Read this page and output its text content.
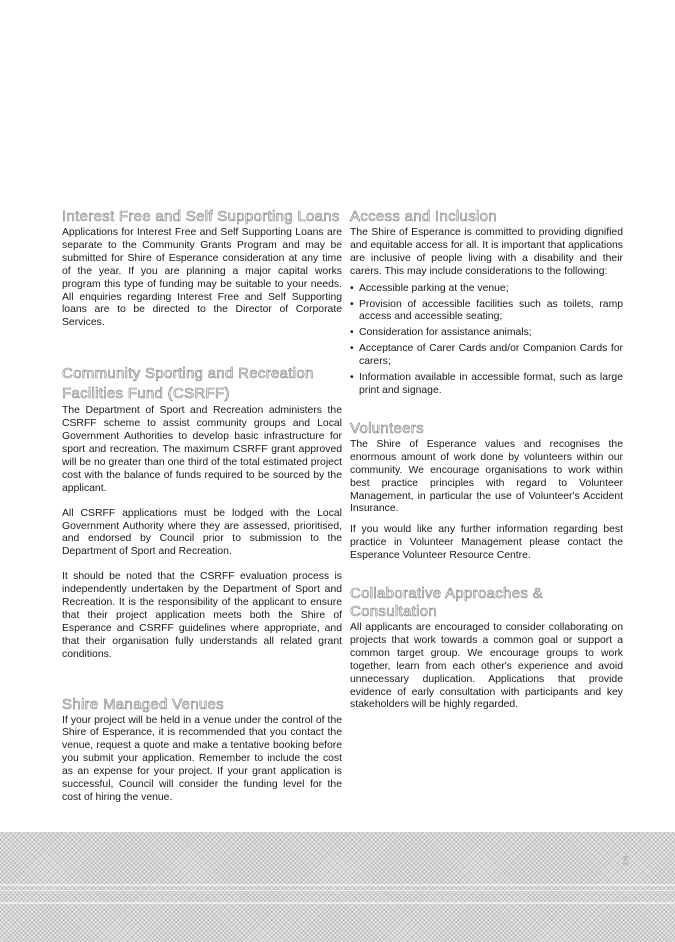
Interest Free and Self Supporting Loans

Applications for Interest Free and Self Supporting Loans are separate to the Community Grants Program and may be submitted for Shire of Esperance consideration at any time of the year. If you are planning a major capital works program this type of funding may be suitable to your needs. All enquiries regarding Interest Free and Self Supporting loans are to be directed to the Director of Corporate Services.

Community Sporting and Recreation Facilities Fund (CSRFF)

The Department of Sport and Recreation administers the CSRFF scheme to assist community groups and Local Government Authorities to develop basic infrastructure for sport and recreation. The maximum CSRFF grant approved will be no greater than one third of the total estimated project cost with the balance of funds required to be sourced by the applicant.

All CSRFF applications must be lodged with the Local Government Authority where they are assessed, prioritised, and endorsed by Council prior to submission to the Department of Sport and Recreation.

It should be noted that the CSRFF evaluation process is independently undertaken by the Department of Sport and Recreation. It is the responsibility of the applicant to ensure that their project application meets both the Shire of Esperance and CSRFF guidelines where appropriate, and that their organisation fully understands all related grant conditions.

Shire Managed Venues

If your project will be held in a venue under the control of the Shire of Esperance, it is recommended that you contact the venue, request a quote and make a tentative booking before you submit your application. Remember to include the cost as an expense for your project. If your grant application is successful, Council will consider the funding level for the cost of hiring the venue.

Access and Inclusion

The Shire of Esperance is committed to providing dignified and equitable access for all. It is important that applications are inclusive of people living with a disability and their carers. This may include considerations to the following:

• Accessible parking at the venue;
• Provision of accessible facilities such as toilets, ramp access and accessible seating;
• Consideration for assistance animals;
• Acceptance of Carer Cards and/or Companion Cards for carers;
• Information available in accessible format, such as large print and signage.
Volunteers

The Shire of Esperance values and recognises the enormous amount of work done by volunteers within our community. We encourage organisations to work within best practice principles with regard to Volunteer Management, in particular the use of Volunteer's Accident Insurance.

If you would like any further information regarding best practice in Volunteer Management please contact the Esperance Volunteer Resource Centre.

Collaborative Approaches & Consultation

All applicants are encouraged to consider collaborating on projects that work towards a common goal or support a common target group. We encourage groups to work together, learn from each other's experience and avoid unnecessary duplication. Applications that provide evidence of early consultation with participants and key stakeholders will be highly regarded.

5
